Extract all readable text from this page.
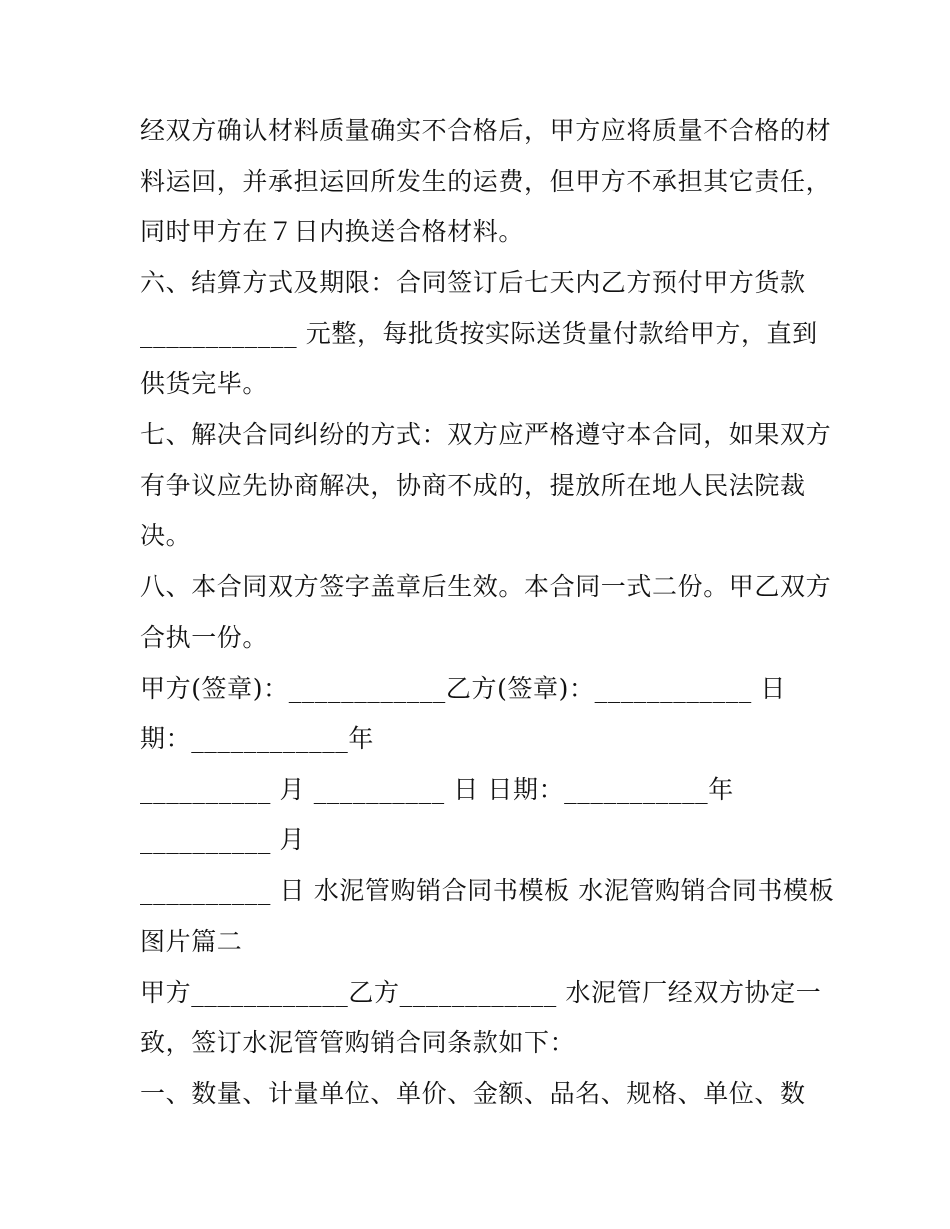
经双方确认材料质量确实不合格后，甲方应将质量不合格的材
料运回，并承担运回所发生的运费，但甲方不承担其它责任，
同时甲方在７日内换送合格材料。
六、结算方式及期限：合同签订后七天内乙方预付甲方货款
____________ 元整，每批货按实际送货量付款给甲方，直到
供货完毕。
七、解决合同纠纷的方式：双方应严格遵守本合同，如果双方
有争议应先协商解决，协商不成的，提放所在地人民法院裁
决。
八、本合同双方签字盖章后生效。本合同一式二份。甲乙双方
合执一份。
甲方(签章)：____________乙方(签章)：____________ 日
期：____________年
__________ 月 __________ 日 日期：___________年
__________ 月
__________ 日 水泥管购销合同书模板 水泥管购销合同书模板
图片篇二
甲方____________乙方____________ 水泥管厂经双方协定一
致，签订水泥管管购销合同条款如下：
一、数量、计量单位、单价、金额、品名、规格、单位、数
